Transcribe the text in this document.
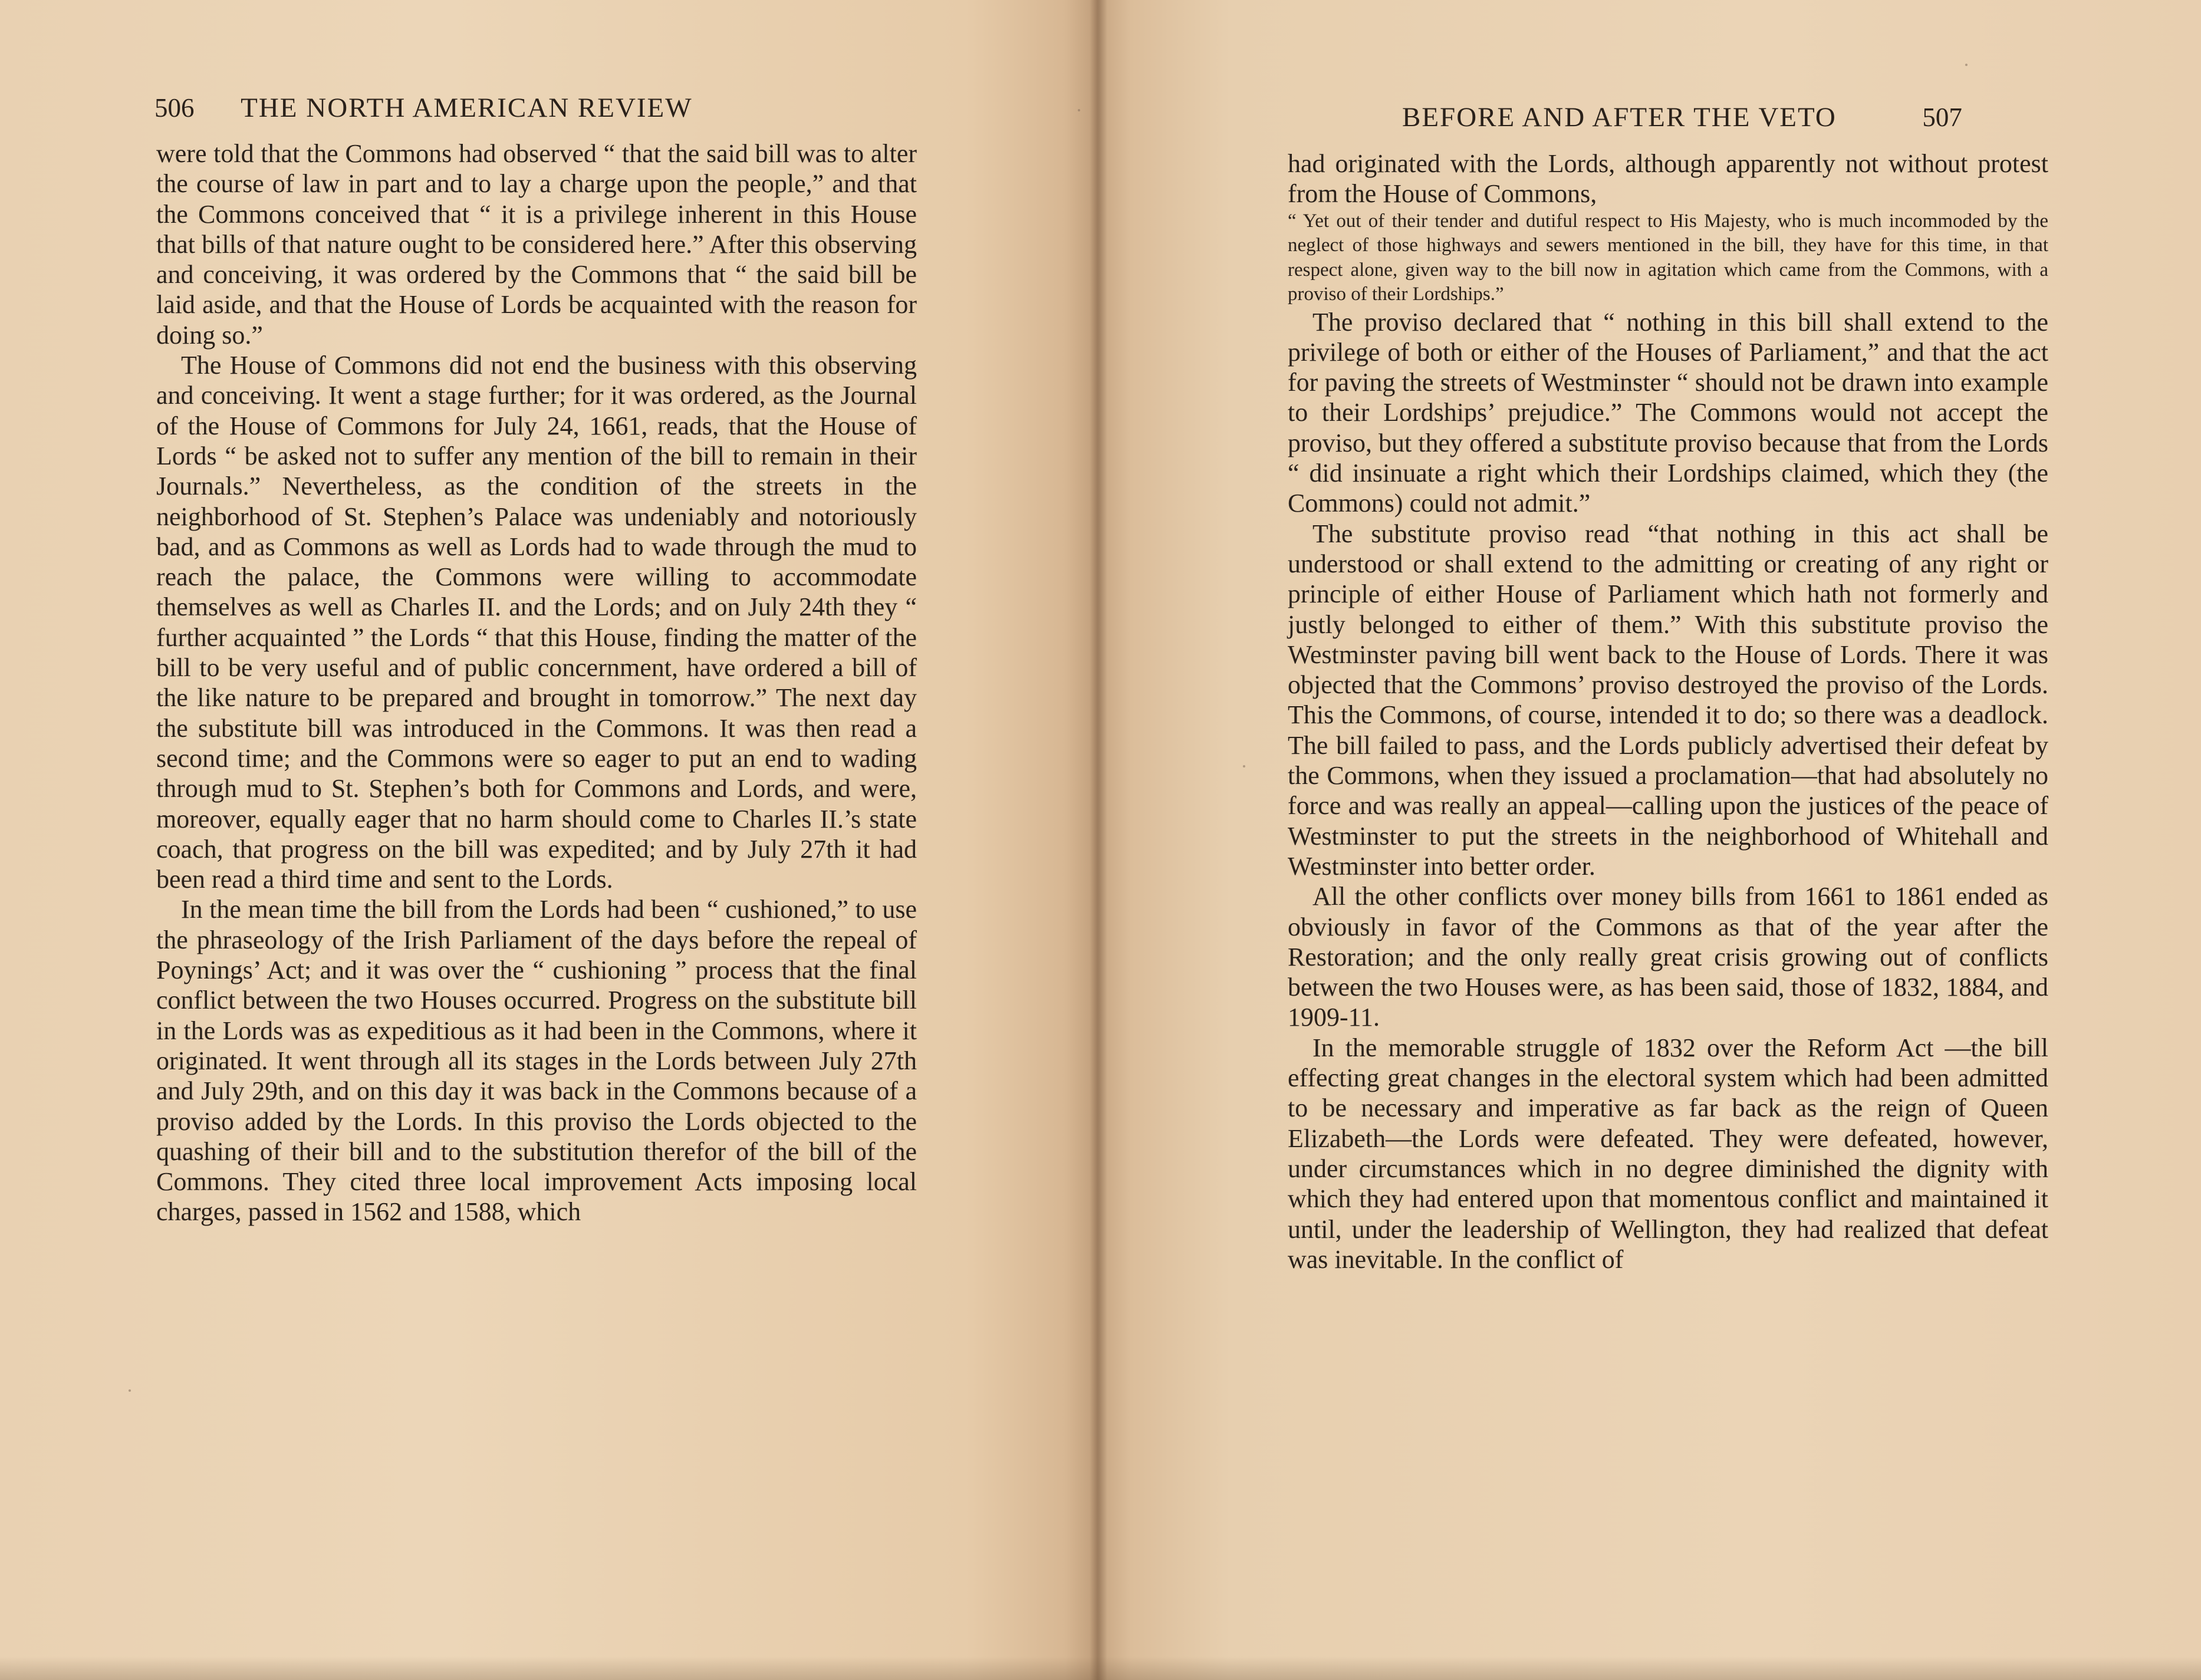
506 THE NORTH AMERICAN REVIEW

were told that the Commons had observed “ that the said bill was to alter the course of law in part and to lay a charge upon the people,” and that the Commons conceived that “ it is a privilege inherent in this House that bills of that nature ought to be considered here.” After this observing and conceiving, it was ordered by the Commons that “ the said bill be laid aside, and that the House of Lords be acquainted with the reason for doing so.”

The House of Commons did not end the business with this observing and conceiving. It went a stage further; for it was ordered, as the Journal of the House of Commons for July 24, 1661, reads, that the House of Lords “ be asked not to suffer any mention of the bill to remain in their Journals.” Nevertheless, as the condition of the streets in the neighborhood of St. Stephen’s Palace was undeniably and notoriously bad, and as Commons as well as Lords had to wade through the mud to reach the palace, the Commons were willing to accommodate themselves as well as Charles II. and the Lords; and on July 24th they “ further acquainted ” the Lords “ that this House, finding the matter of the bill to be very useful and of public concernment, have ordered a bill of the like nature to be prepared and brought in tomorrow.” The next day the substitute bill was introduced in the Commons. It was then read a second time; and the Commons were so eager to put an end to wading through mud to St. Stephen’s both for Commons and Lords, and were, moreover, equally eager that no harm should come to Charles II.’s state coach, that progress on the bill was expedited; and by July 27th it had been read a third time and sent to the Lords.

In the mean time the bill from the Lords had been “ cushioned,” to use the phraseology of the Irish Parliament of the days before the repeal of Poynings’ Act; and it was over the “ cushioning ” process that the final conflict between the two Houses occurred. Progress on the substitute bill in the Lords was as expeditious as it had been in the Commons, where it originated. It went through all its stages in the Lords between July 27th and July 29th, and on this day it was back in the Commons because of a proviso added by the Lords. In this proviso the Lords objected to the quashing of their bill and to the substitution therefor of the bill of the Commons. They cited three local improvement Acts imposing local charges, passed in 1562 and 1588, which

BEFORE AND AFTER THE VETO	507

had originated with the Lords, although apparently not without protest from the House of Commons,

“ Yet out of their tender and dutiful respect to His Majesty, who is much incommoded by the neglect of those highways and sewers mentioned in the bill, they have for this time, in that respect alone, given way to the bill now in agitation which came from the Commons, with a proviso of their Lordships.”

The proviso declared that “ nothing in this bill shall extend to the privilege of both or either of the Houses of Parliament,” and that the act for paving the streets of Westminster “ should not be drawn into example to their Lordships’ prejudice.” The Commons would not accept the proviso, but they offered a substitute proviso because that from the Lords “ did insinuate a right which their Lordships claimed, which they (the Commons) could not admit.”

The substitute proviso read “that nothing in this act shall be understood or shall extend to the admitting or creating of any right or principle of either House of Parliament which hath not formerly and justly belonged to either of them.” With this substitute proviso the Westminster paving bill went back to the House of Lords. There it was objected that the Commons’ proviso destroyed the proviso of the Lords. This the Commons, of course, intended it to do; so there was a deadlock. The bill failed to pass, and the Lords publicly advertised their defeat by the Commons, when they issued a proclamation—that had absolutely no force and was really an appeal—calling upon the justices of the peace of Westminster to put the streets in the neighborhood of Whitehall and Westminster into better order.

All the other conflicts over money bills from 1661 to 1861 ended as obviously in favor of the Commons as that of the year after the Restoration; and the only really great crisis growing out of conflicts between the two Houses were, as has been said, those of 1832, 1884, and 1909-11.

In the memorable struggle of 1832 over the Reform Act —the bill effecting great changes in the electoral system which had been admitted to be necessary and imperative as far back as the reign of Queen Elizabeth—the Lords were defeated. They were defeated, however, under circumstances which in no degree diminished the dignity with which they had entered upon that momentous conflict and maintained it until, under the leadership of Wellington, they had realized that defeat was inevitable. In the conflict of
